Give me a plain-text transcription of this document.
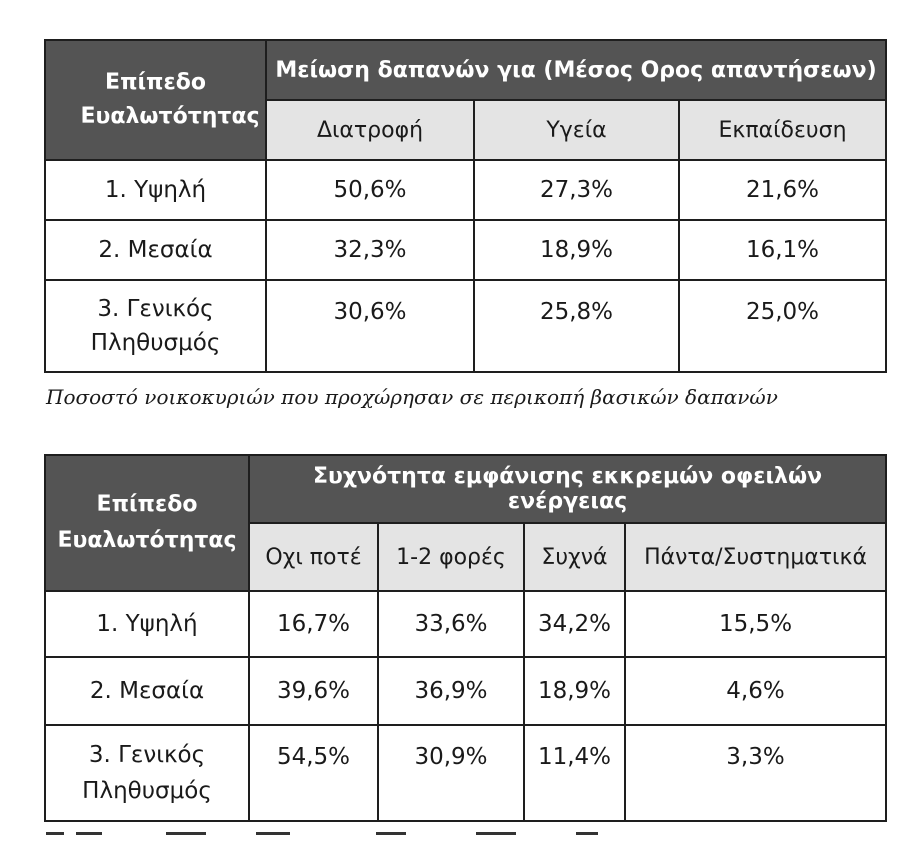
Επίπεδο Ευαλωτότητας	Μείωση δαπανών για (Μέσος Ορος απαντήσεων)		
	Διατροφή	Υγεία	Εκπαίδευση
1. Υψηλή	50,6%	27,3%	21,6%
2. Μεσαία	32,3%	18,9%	16,1%

3. Γενικός Πληθυσμός	30,6%	25,8%	25,0%
Ποσοστό νοικοκυριών που προχώρησαν σε περικοπή βασικών δαπανών
Επίπεδο Ευαλωτότητας	Συχνότητα εμφάνισης εκκρεμών οφειλών ενέργειας			
	Οχι ποτέ	1-2 φορές	Συχνά	Πάντα/Συστηματικά
1. Υψηλή	16,7%	33,6%	34,2%	15,5%
2. Μεσαία	39,6%	36,9%	18,9%	4,6%

3. Γενικός Πληθυσμός	54,5%	30,9%	11,4%	3,3%
